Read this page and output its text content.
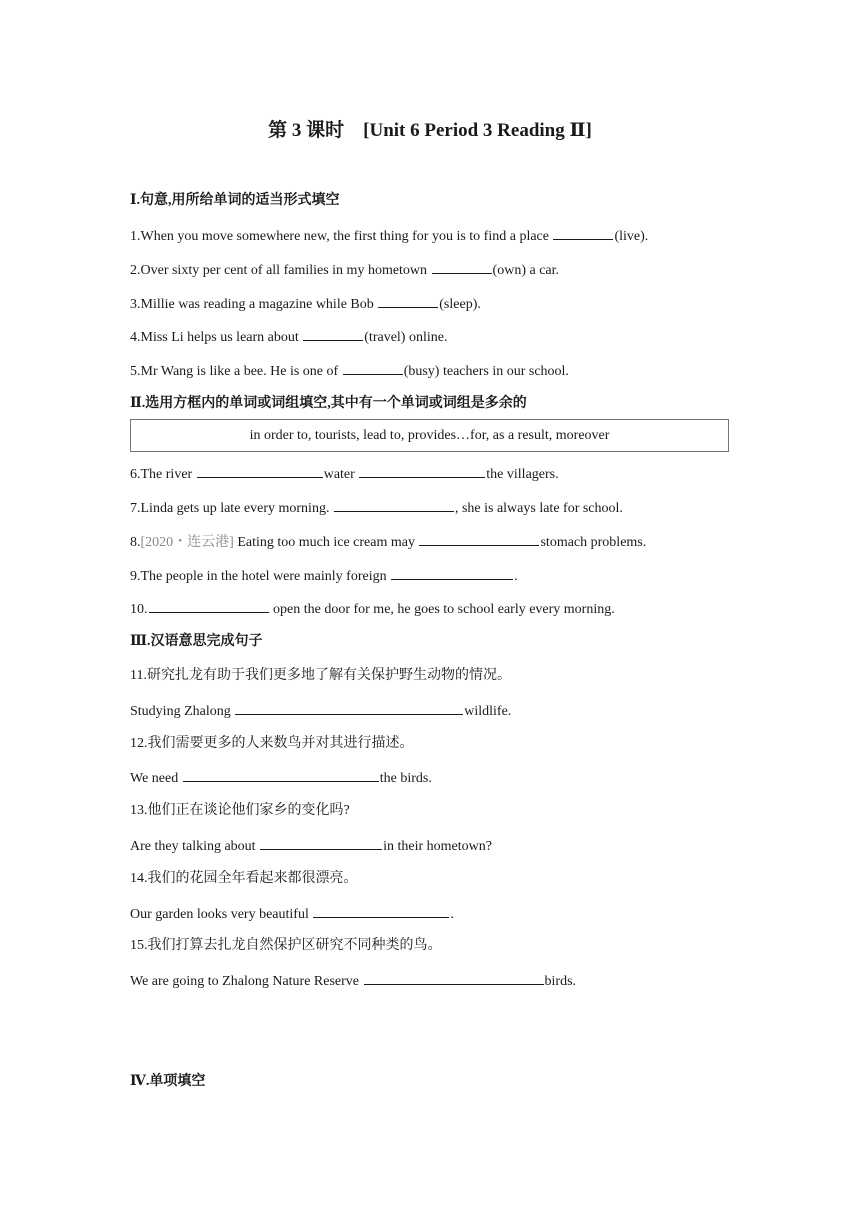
第 3 课时　[Unit 6 Period 3 Reading Ⅱ]
Ⅰ.句意,用所给单词的适当形式填空
1.When you move somewhere new, the first thing for you is to find a place	(live).
2.Over sixty per cent of all families in my hometown	(own) a car.
3.Millie was reading a magazine while Bob	(sleep).
4.Miss Li helps us learn about	(travel) online.
5.Mr Wang is like a bee. He is one of	(busy) teachers in our school.
Ⅱ.选用方框内的单词或词组填空,其中有一个单词或词组是多余的
in order to, tourists, lead to, provides…for, as a result, moreover
6.The river	water	the villagers.
7.Linda gets up late every morning.	, she is always late for school.
8.[2020・连云港] Eating too much ice cream may	stomach problems.
9.The people in the hotel were mainly foreign	.
10.	open the door for me, he goes to school early every morning.
Ⅲ.汉语意思完成句子
11.研究扎龙有助于我们更多地了解有关保护野生动物的情况。
Studying Zhalong	wildlife.
12.我们需要更多的人来数鸟并对其进行描述。
We need	the birds.
13.他们正在谈论他们家乡的变化吗?
Are they talking about	in their hometown?
14.我们的花园全年看起来都很漂亮。
Our garden looks very beautiful	.
15.我们打算去扎龙自然保护区研究不同种类的鸟。
We are going to Zhalong Nature Reserve	birds.
Ⅳ.单项填空
